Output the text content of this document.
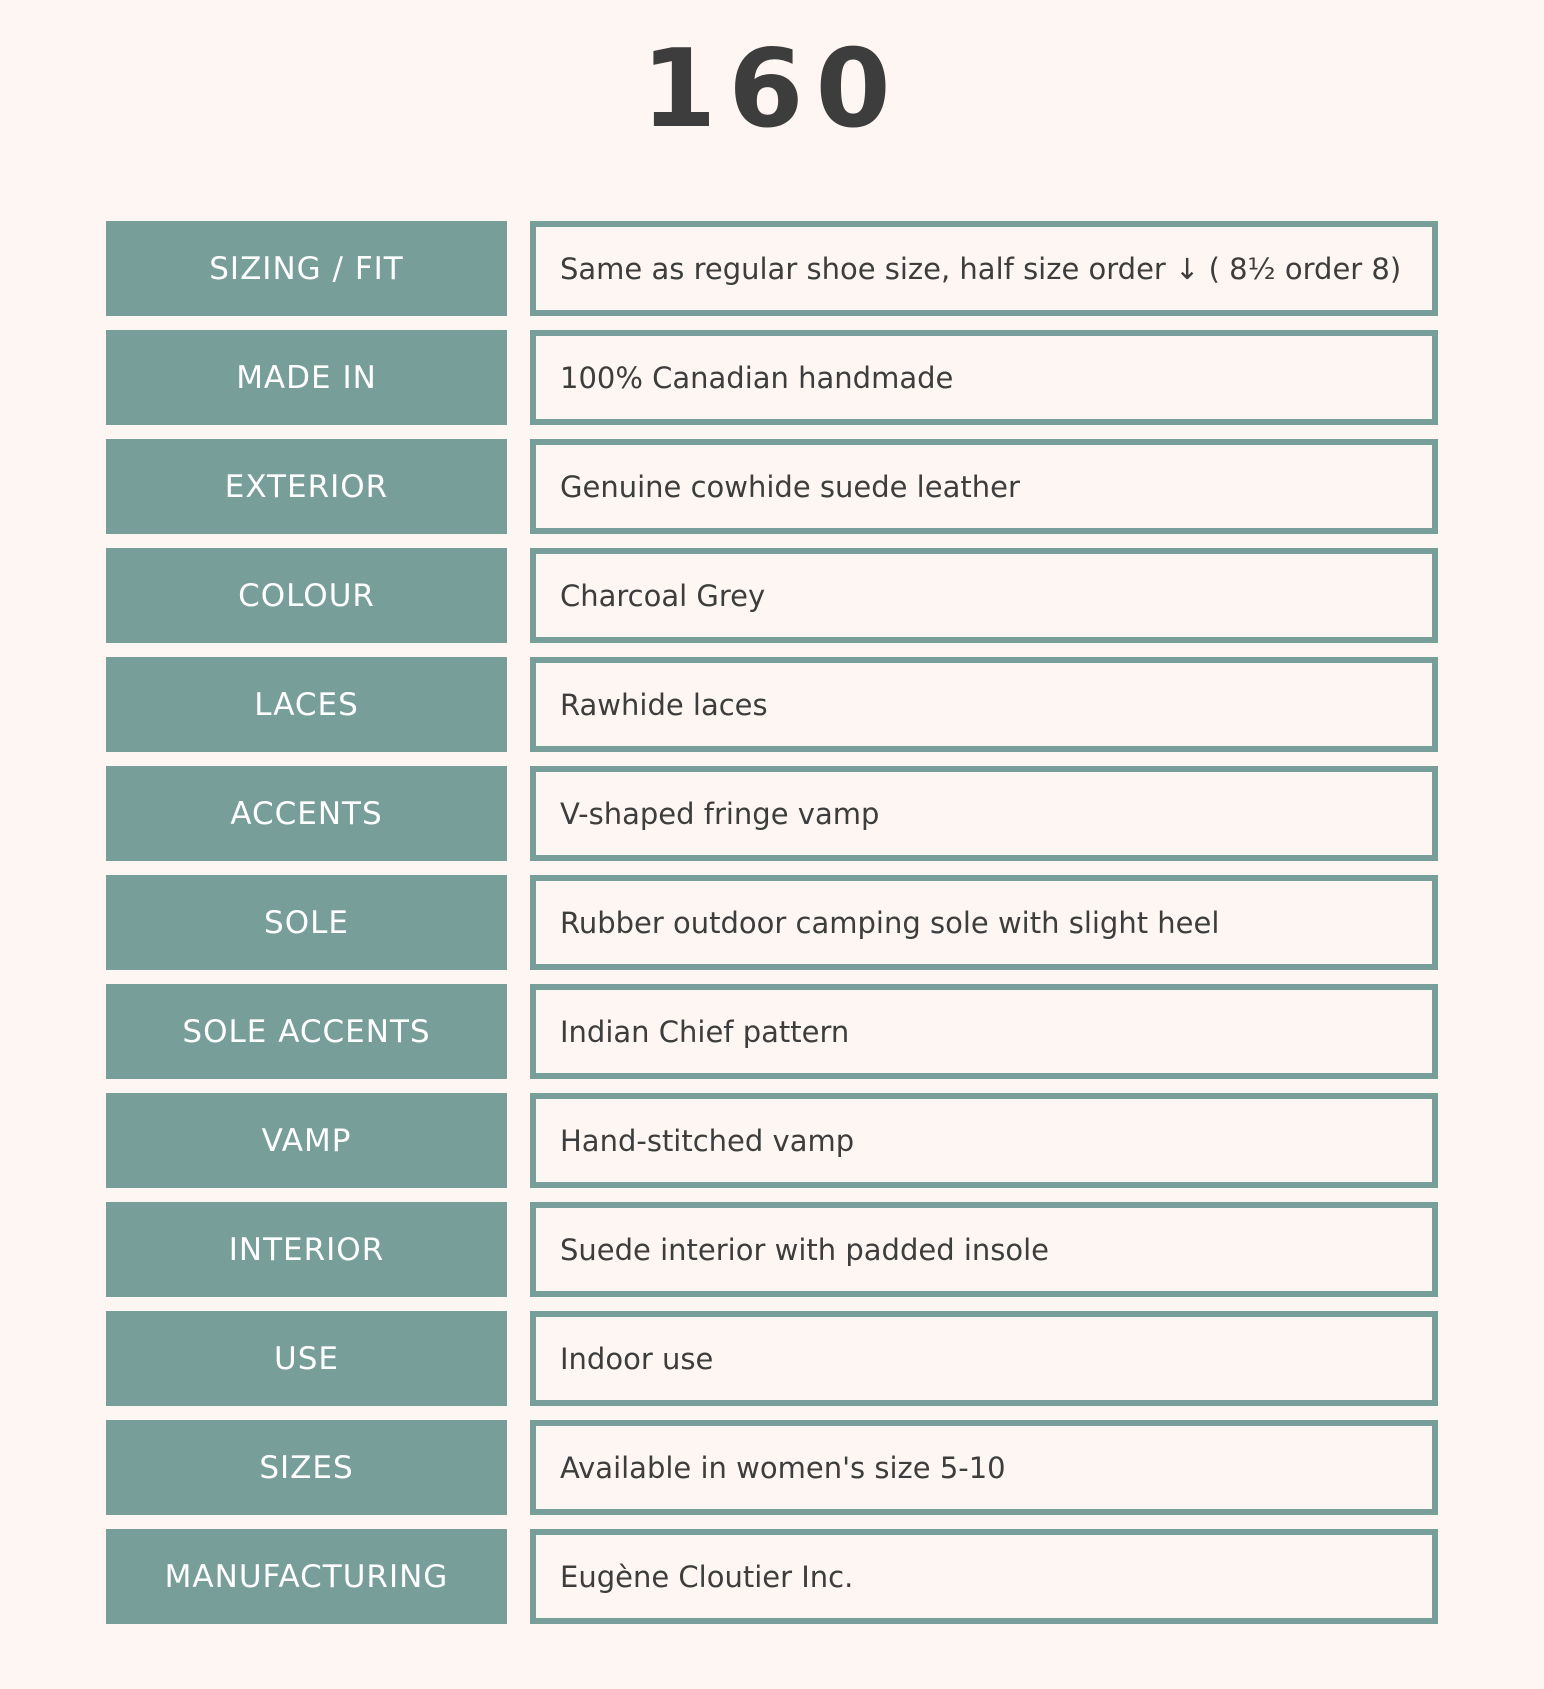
160
SIZING / FIT	Same as regular shoe size, half size order ↓ ( 8½ order 8)
MADE IN	100% Canadian handmade
EXTERIOR	Genuine cowhide suede leather
COLOUR	Charcoal Grey
LACES	Rawhide laces
ACCENTS	V-shaped fringe vamp
SOLE	Rubber outdoor camping sole with slight heel
SOLE ACCENTS	Indian Chief pattern
VAMP	Hand-stitched vamp
INTERIOR	Suede interior with padded insole
USE	Indoor use
SIZES	Available in women's size 5-10
MANUFACTURING	Eugène Cloutier Inc.
